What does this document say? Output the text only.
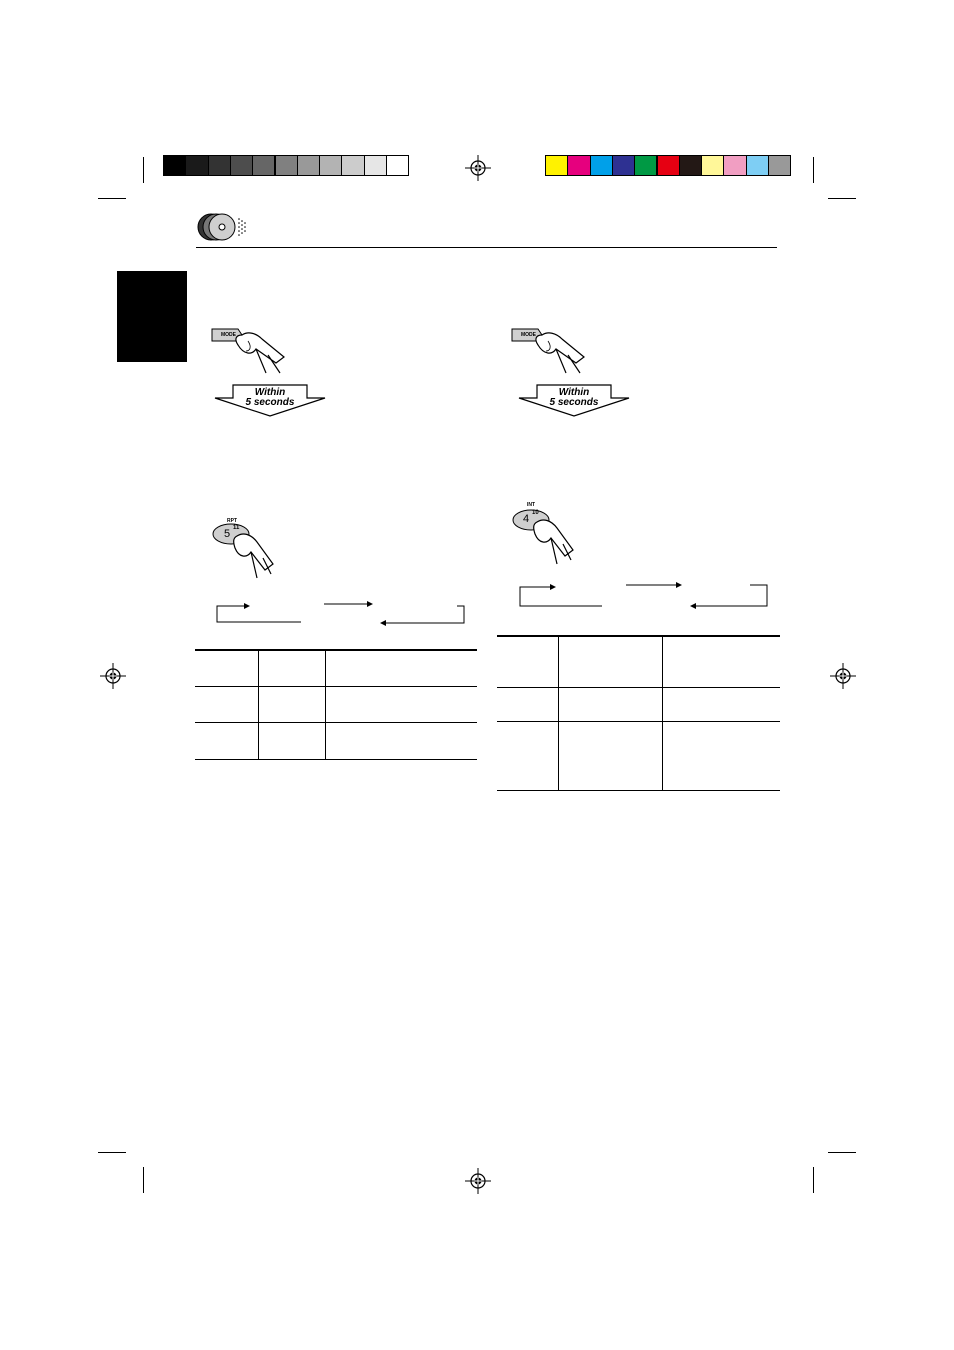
MODE
Within
5 seconds
RPT
5 11
MODE
Within
5 seconds
INT
4 10
